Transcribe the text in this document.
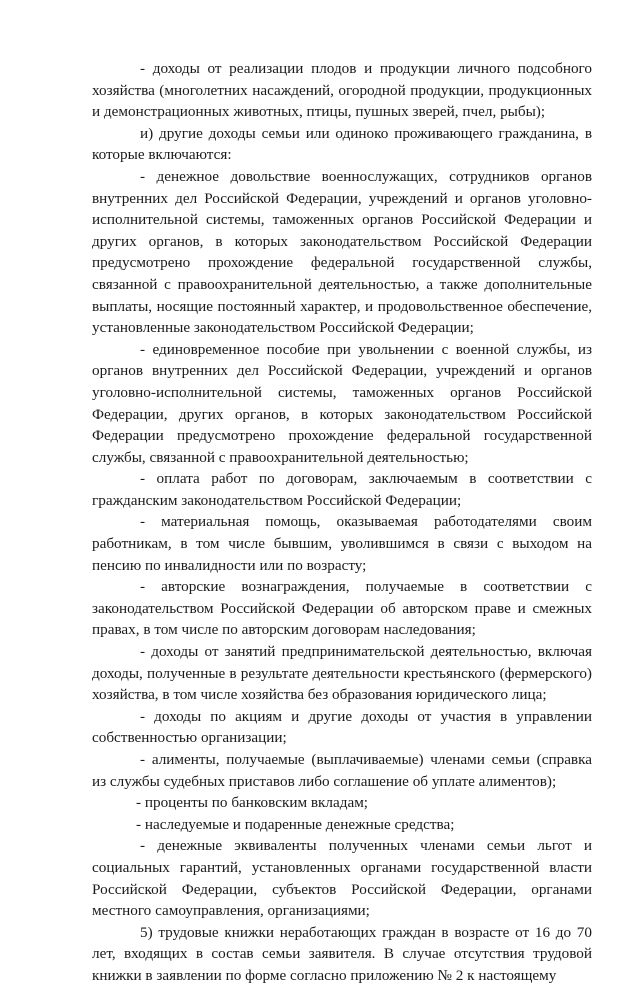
- доходы от реализации плодов и продукции личного подсобного хозяйства (многолетних насаждений, огородной продукции, продукционных и демонстрационных животных, птицы, пушных зверей, пчел, рыбы);

и) другие доходы семьи или одиноко проживающего гражданина, в которые включаются:

- денежное довольствие военнослужащих, сотрудников органов внутренних дел Российской Федерации, учреждений и органов уголовно-исполнительной системы, таможенных органов Российской Федерации и других органов, в которых законодательством Российской Федерации предусмотрено прохождение федеральной государственной службы, связанной с правоохранительной деятельностью, а также дополнительные выплаты, носящие постоянный характер, и продовольственное обеспечение, установленные законодательством Российской Федерации;

- единовременное пособие при увольнении с военной службы, из органов внутренних дел Российской Федерации, учреждений и органов уголовно-исполнительной системы, таможенных органов Российской Федерации, других органов, в которых законодательством Российской Федерации предусмотрено прохождение федеральной государственной службы, связанной с правоохранительной деятельностью;

- оплата работ по договорам, заключаемым в соответствии с гражданским законодательством Российской Федерации;

- материальная помощь, оказываемая работодателями своим работникам, в том числе бывшим, уволившимся в связи с выходом на пенсию по инвалидности или по возрасту;

- авторские вознаграждения, получаемые в соответствии с законодательством Российской Федерации об авторском праве и смежных правах, в том числе по авторским договорам наследования;

- доходы от занятий предпринимательской деятельностью, включая доходы, полученные в результате деятельности крестьянского (фермерского) хозяйства, в том числе хозяйства без образования юридического лица;

- доходы по акциям и другие доходы от участия в управлении собственностью организации;

- алименты, получаемые (выплачиваемые) членами семьи (справка из службы судебных приставов либо соглашение об уплате алиментов);

- проценты по банковским вкладам;

- наследуемые и подаренные денежные средства;

- денежные эквиваленты полученных членами семьи льгот и социальных гарантий, установленных органами государственной власти Российской Федерации, субъектов Российской Федерации, органами местного самоуправления, организациями;

5) трудовые книжки неработающих граждан в возрасте от 16 до 70 лет, входящих в состав семьи заявителя. В случае отсутствия трудовой книжки в заявлении по форме согласно приложению № 2 к настоящему
